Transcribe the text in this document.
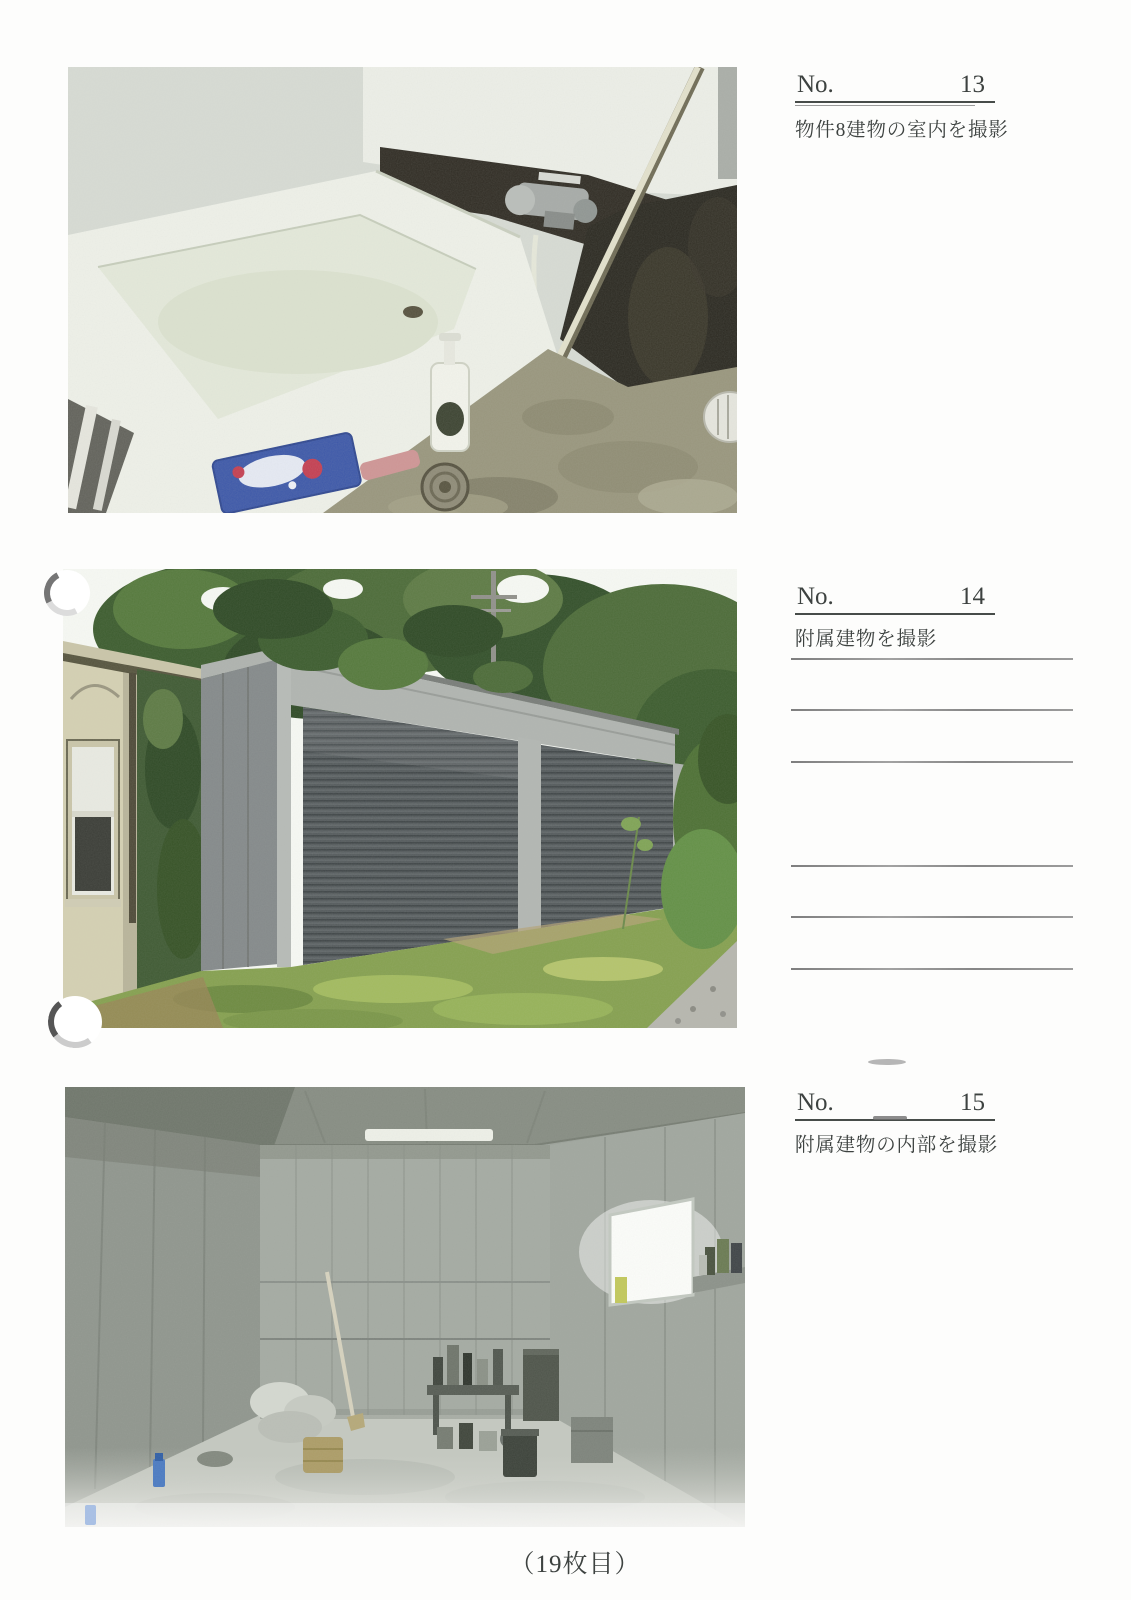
No.	13
物件8建物の室内を撮影
No.	14
附属建物を撮影
No.	15
附属建物の内部を撮影
（19枚目）
